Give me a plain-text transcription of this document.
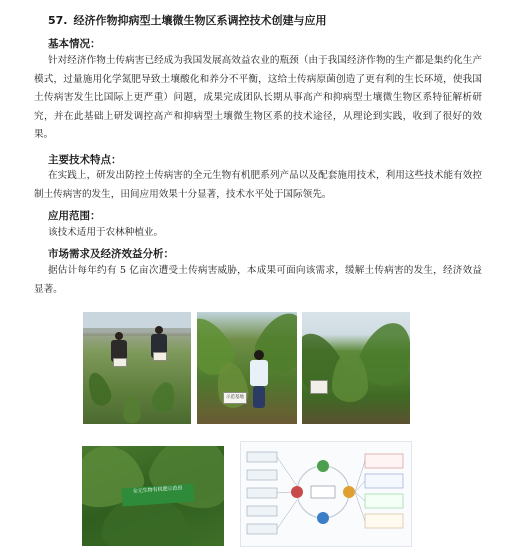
57. 经济作物抑病型土壤微生物区系调控技术创建与应用
基本情况：
针对经济作物土传病害已经成为我国发展高效益农业的瓶颈（由于我国经济作物的生产都是集约化生产模式，过量施用化学氮肥导致土壤酸化和养分不平衡，这给土传病原菌创造了更有利的生长环境，使我国土传病害发生比国际上更严重）问题，成果完成团队长期从事高产和抑病型土壤微生物区系特征解析研究，并在此基础上研发调控高产和抑病型土壤微生物区系的技术途径，从理论到实践，收到了很好的效果。
主要技术特点：
在实践上，研发出防控土传病害的全元生物有机肥系列产品以及配套施用技术，利用这些技术能有效控制土传病害的发生，田间应用效果十分显著，技术水平处于国际领先。
应用范围：
该技术适用于农林种植业。
市场需求及经济效益分析：
据估计每年约有 5 亿亩次遭受土传病害威胁，本成果可面向该需求，缓解土传病害的发生，经济效益显著。
示范基地
全元生物有机肥示范田
